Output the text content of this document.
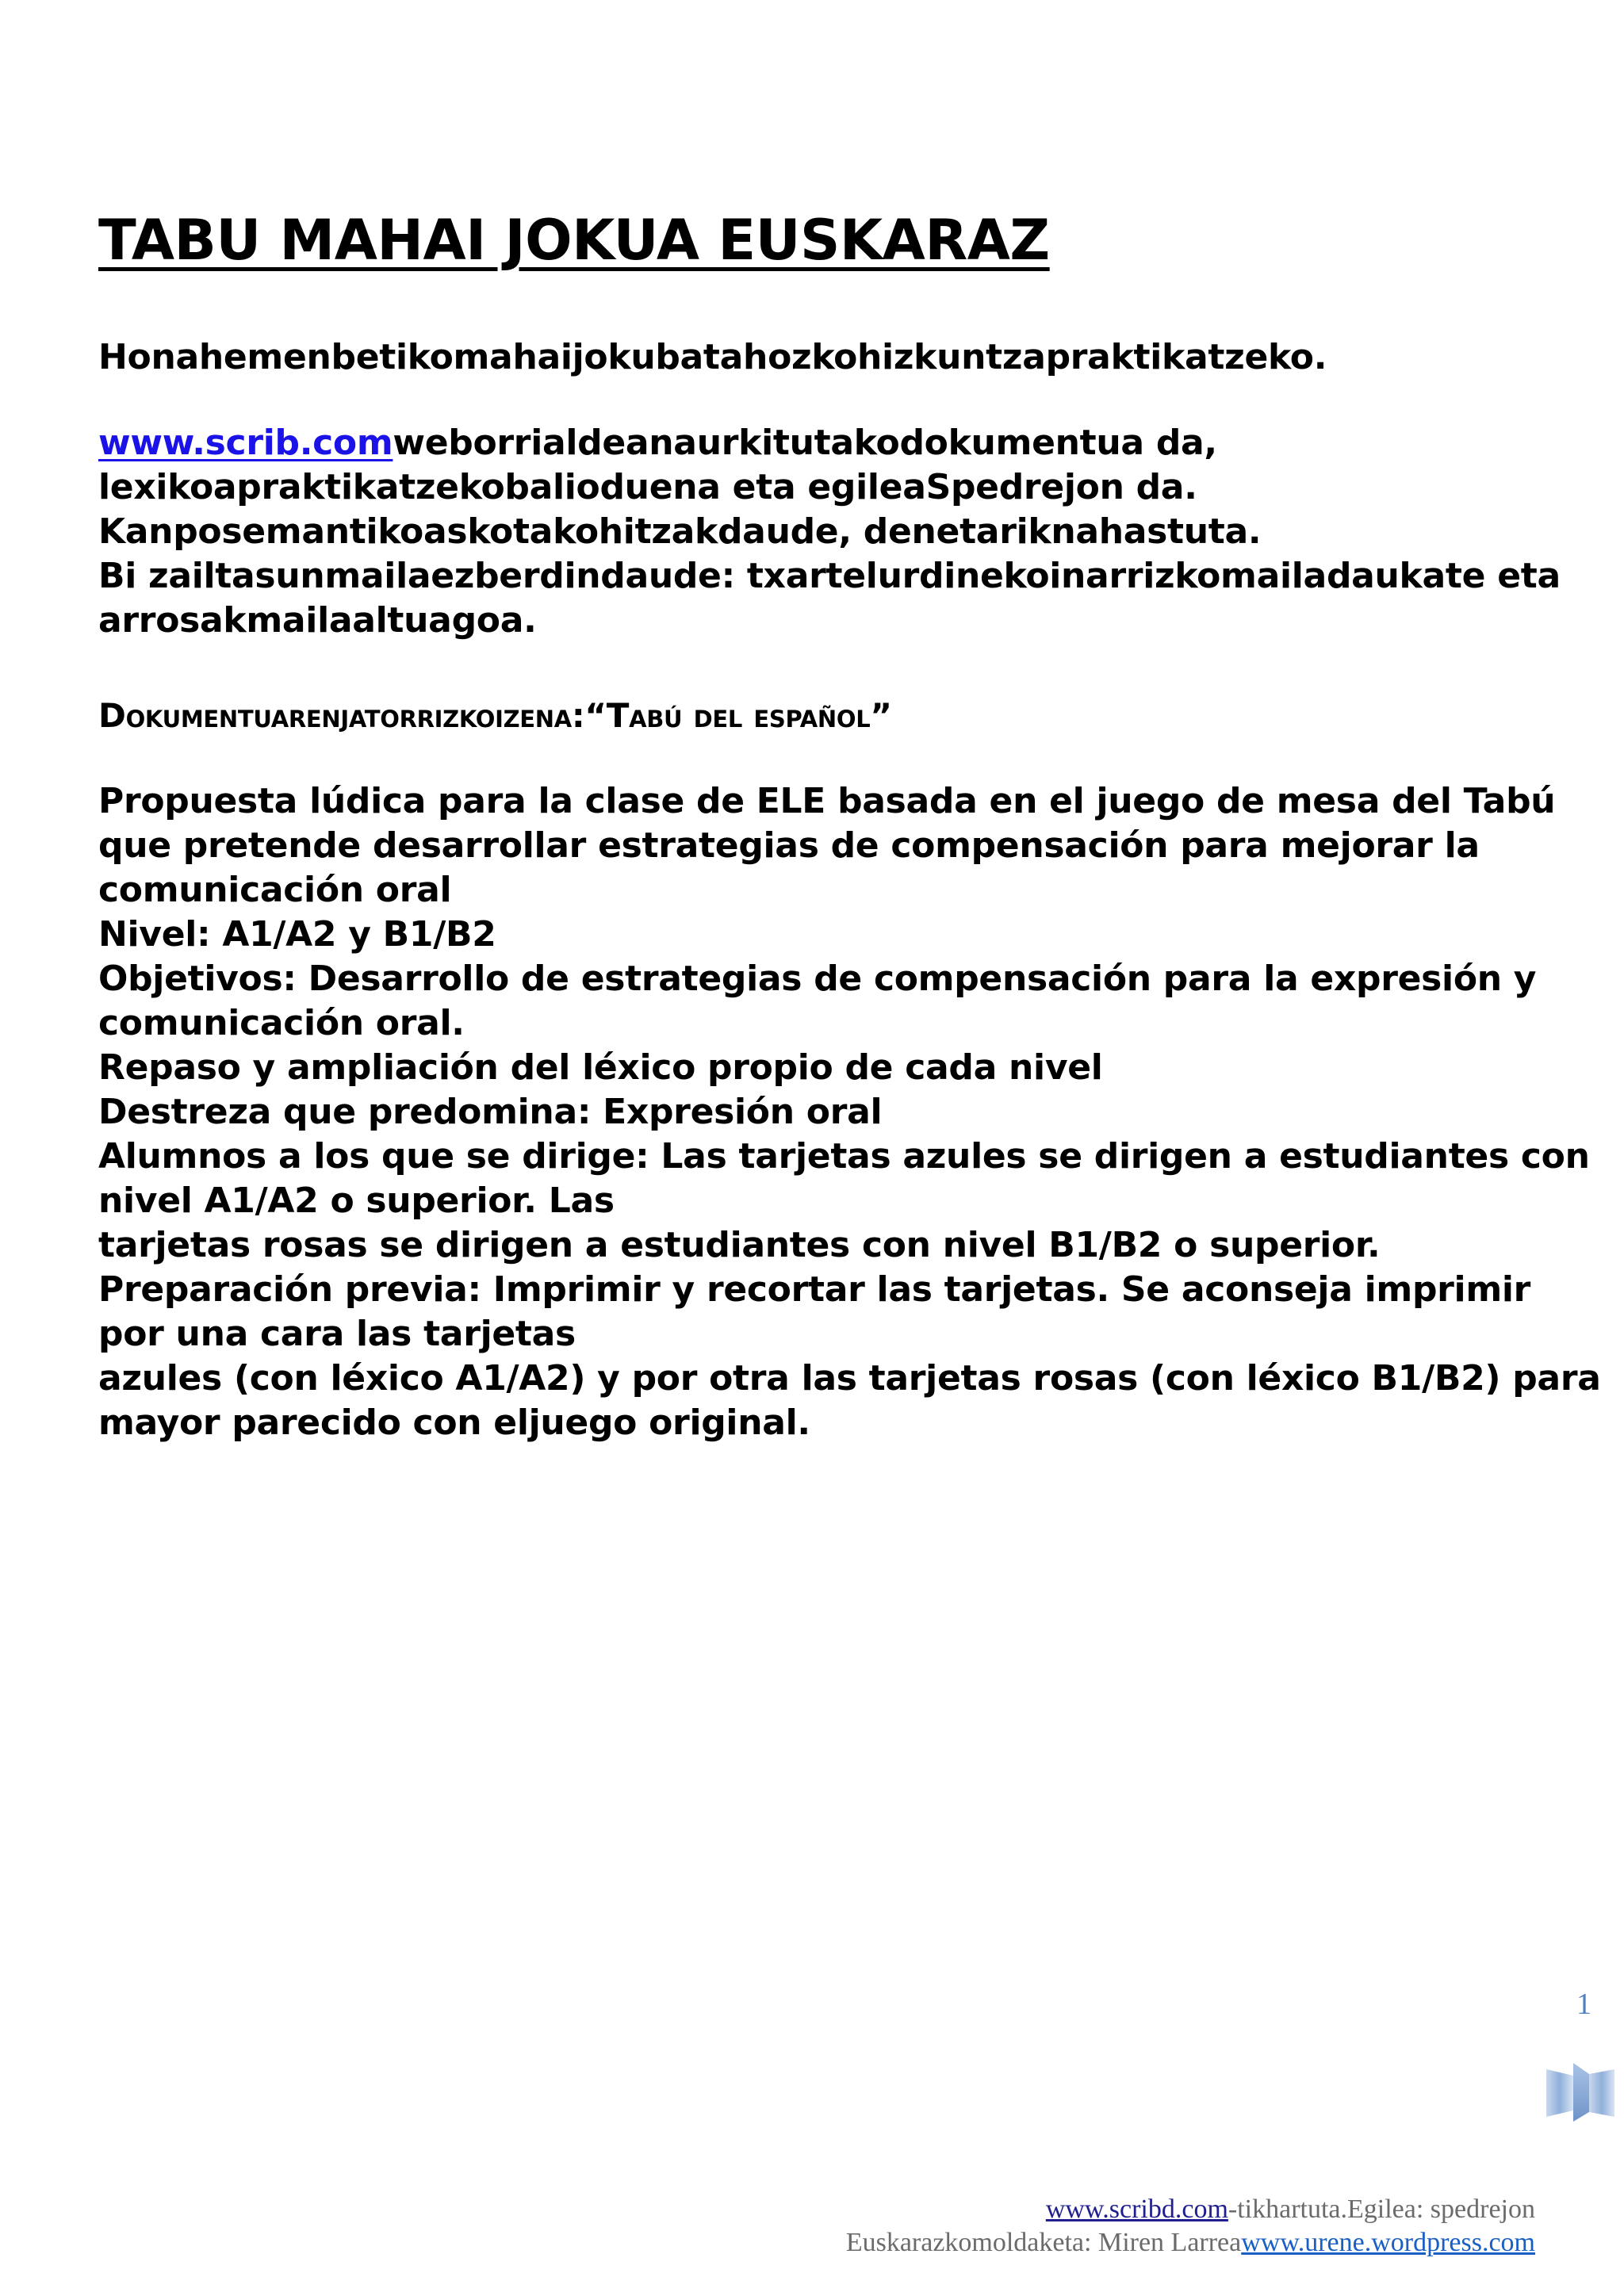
TABU MAHAI JOKUA EUSKARAZ

Honahemenbetikomahaijokubatahozkohizkuntzapraktikatzeko.

www.scrib.comweborrialdeanaurkitutakodokumentua da,
lexikoapraktikatzekobalioduena eta egileaSpedrejon da.
Kanposemantikoaskotakohitzakdaude, denetariknahastuta.
Bi zailtasunmailaezberdindaude: txartelurdinekoinarrizkomailadaukate eta
arrosakmailaaltuagoa.

Dokumentuarenjatorrizkoizena:“Tabú del español”

Propuesta lúdica para la clase de ELE basada en el juego de mesa del Tabú
que pretende desarrollar estrategias de compensación para mejorar la
comunicación oral
Nivel: A1/A2 y B1/B2
Objetivos: Desarrollo de estrategias de compensación para la expresión y
comunicación oral.
Repaso y ampliación del léxico propio de cada nivel
Destreza que predomina: Expresión oral
Alumnos a los que se dirige: Las tarjetas azules se dirigen a estudiantes con
nivel A1/A2 o superior. Las
tarjetas rosas se dirigen a estudiantes con nivel B1/B2 o superior.
Preparación previa: Imprimir y recortar las tarjetas. Se aconseja imprimir
por una cara las tarjetas
azules (con léxico A1/A2) y por otra las tarjetas rosas (con léxico B1/B2) para
mayor parecido con eljuego original.

1
www.scribd.com-tikhartuta.Egilea: spedrejon
Euskarazkomoldaketa: Miren Larreawww.urene.wordpress.com
